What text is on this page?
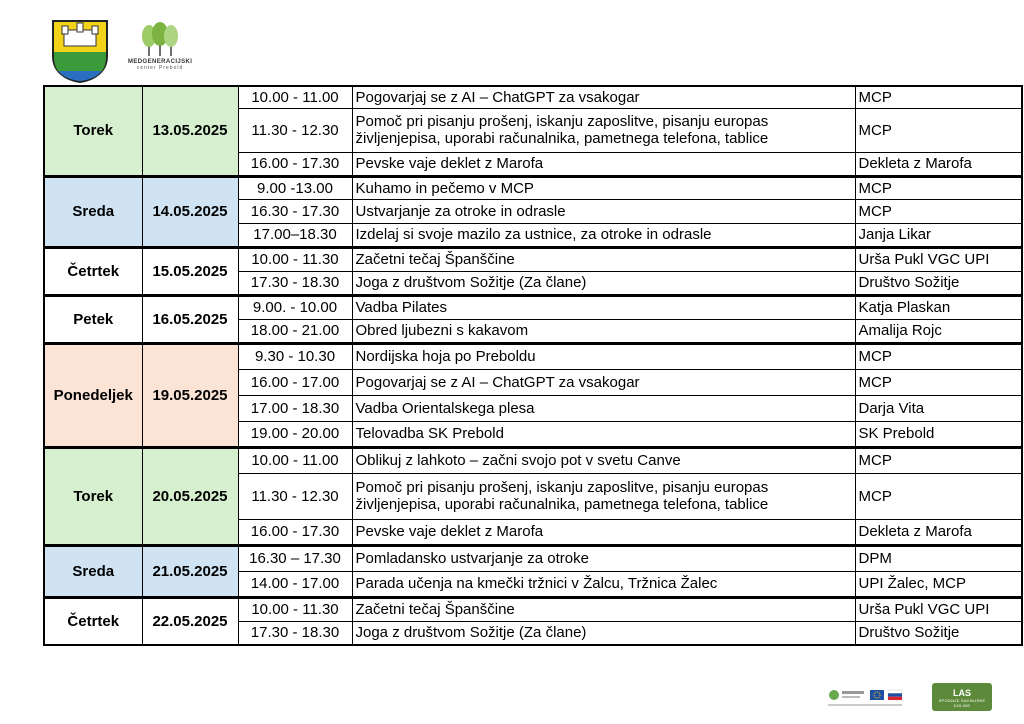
MEDGENERACIJSKI
center Prebold
Torek	13.05.2025	10.00 - 11.00	Pogovarjaj se z AI – ChatGPT za vsakogar	MCP
		11.30 - 12.30	Pomoč pri pisanju prošenj, iskanju zaposlitve, pisanju europas življenjepisa, uporabi računalnika, pametnega telefona, tablice	MCP
		16.00 - 17.30	Pevske vaje deklet z Marofa	Dekleta z Marofa
Sreda	14.05.2025	9.00 -13.00	Kuhamo in pečemo v MCP	MCP
		16.30 - 17.30	Ustvarjanje za otroke in odrasle	MCP
		17.00–18.30	Izdelaj si svoje mazilo za ustnice, za otroke in odrasle	Janja Likar
Četrtek	15.05.2025	10.00 - 11.30	Začetni tečaj Španščine	Urša Pukl VGC UPI
		17.30 - 18.30	Joga z društvom Sožitje (Za člane)	Društvo Sožitje
Petek	16.05.2025	9.00. - 10.00	Vadba Pilates	Katja Plaskan
		18.00 - 21.00	Obred ljubezni s kakavom	Amalija Rojc
Ponedeljek	19.05.2025	9.30 - 10.30	Nordijska hoja po Preboldu	MCP
		16.00 - 17.00	Pogovarjaj se z AI – ChatGPT za vsakogar	MCP
		17.00 - 18.30	Vadba Orientalskega plesa	Darja Vita
		19.00 - 20.00	Telovadba SK Prebold	SK Prebold
Torek	20.05.2025	10.00 - 11.00	Oblikuj z lahkoto – začni svojo pot v svetu Canve	MCP
		11.30 - 12.30	Pomoč pri pisanju prošenj, iskanju zaposlitve, pisanju europas življenjepisa, uporabi računalnika, pametnega telefona, tablice	MCP
		16.00 - 17.30	Pevske vaje deklet z Marofa	Dekleta z Marofa
Sreda	21.05.2025	16.30 – 17.30	Pomladansko ustvarjanje za otroke	DPM
		14.00 - 17.00	Parada učenja na kmečki tržnici v Žalcu, Tržnica Žalec	UPI Žalec, MCP
Četrtek	22.05.2025	10.00 - 11.30	Začetni tečaj Španščine	Urša Pukl VGC UPI
		17.30 - 18.30	Joga z društvom Sožitje (Za člane)	Društvo Sožitje
LAS
SPODNJE SAVINJSKE DOLINE
